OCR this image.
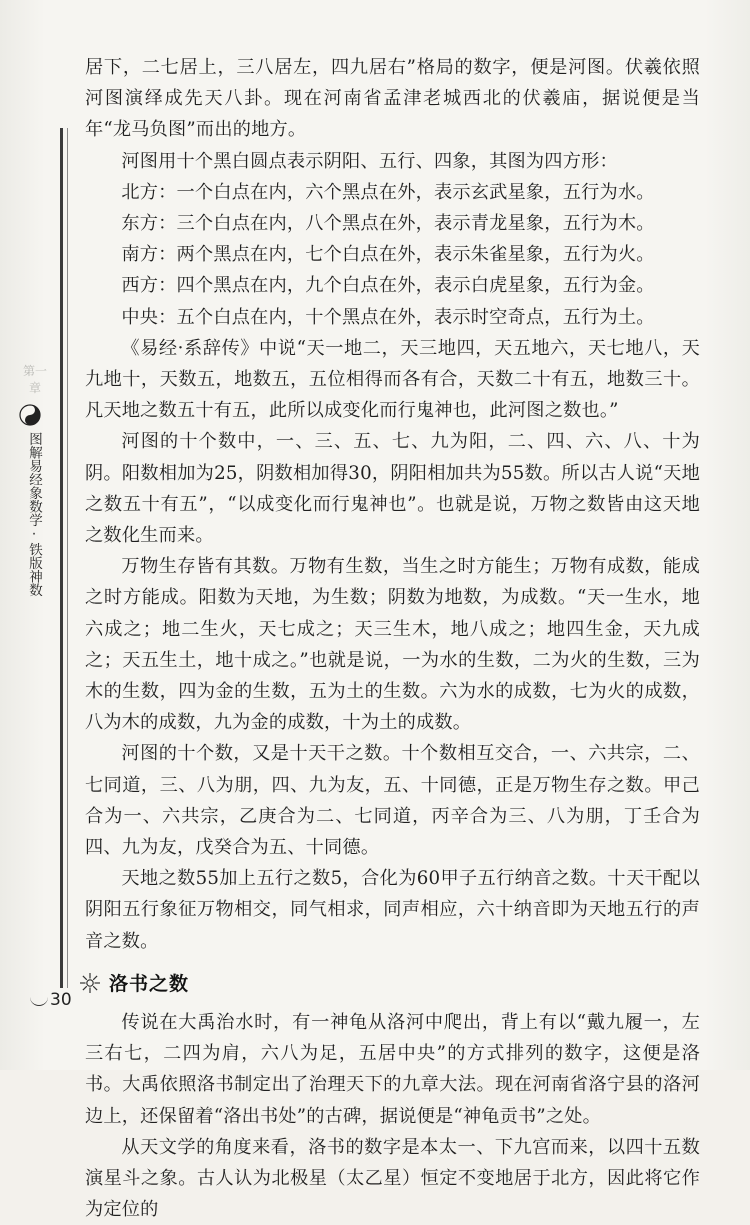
第一章
图解易经象数学·铁版神数

居下，二七居上，三八居左，四九居右”格局的数字，便是河图。伏羲依照河图演绎成先天八卦。现在河南省孟津老城西北的伏羲庙，据说便是当年“龙马负图”而出的地方。

河图用十个黑白圆点表示阴阳、五行、四象，其图为四方形：

北方：一个白点在内，六个黑点在外，表示玄武星象，五行为水。

东方：三个白点在内，八个黑点在外，表示青龙星象，五行为木。

南方：两个黑点在内，七个白点在外，表示朱雀星象，五行为火。

西方：四个黑点在内，九个白点在外，表示白虎星象，五行为金。

中央：五个白点在内，十个黑点在外，表示时空奇点，五行为土。

《易经·系辞传》中说“天一地二，天三地四，天五地六，天七地八，天九地十，天数五，地数五，五位相得而各有合，天数二十有五，地数三十。凡天地之数五十有五，此所以成变化而行鬼神也，此河图之数也。”

河图的十个数中，一、三、五、七、九为阳，二、四、六、八、十为阴。阳数相加为25，阴数相加得30，阴阳相加共为55数。所以古人说“天地之数五十有五”，“以成变化而行鬼神也”。也就是说，万物之数皆由这天地之数化生而来。

万物生存皆有其数。万物有生数，当生之时方能生；万物有成数，能成之时方能成。阳数为天地，为生数；阴数为地数，为成数。“天一生水，地六成之；地二生火，天七成之；天三生木，地八成之；地四生金，天九成之；天五生土，地十成之。”也就是说，一为水的生数，二为火的生数，三为木的生数，四为金的生数，五为土的生数。六为水的成数，七为火的成数，八为木的成数，九为金的成数，十为土的成数。

河图的十个数，又是十天干之数。十个数相互交合，一、六共宗，二、七同道，三、八为朋，四、九为友，五、十同德，正是万物生存之数。甲己合为一、六共宗，乙庚合为二、七同道，丙辛合为三、八为朋，丁壬合为四、九为友，戊癸合为五、十同德。

天地之数55加上五行之数5，合化为60甲子五行纳音之数。十天干配以阴阳五行象征万物相交，同气相求，同声相应，六十纳音即为天地五行的声音之数。

洛书之数

传说在大禹治水时，有一神龟从洛河中爬出，背上有以“戴九履一，左三右七，二四为肩，六八为足，五居中央”的方式排列的数字，这便是洛书。大禹依照洛书制定出了治理天下的九章大法。现在河南省洛宁县的洛河边上，还保留着“洛出书处”的古碑，据说便是“神龟贡书”之处。

从天文学的角度来看，洛书的数字是本太一、下九宫而来，以四十五数演星斗之象。古人认为北极星（太乙星）恒定不变地居于北方，因此将它作为定位的

30
